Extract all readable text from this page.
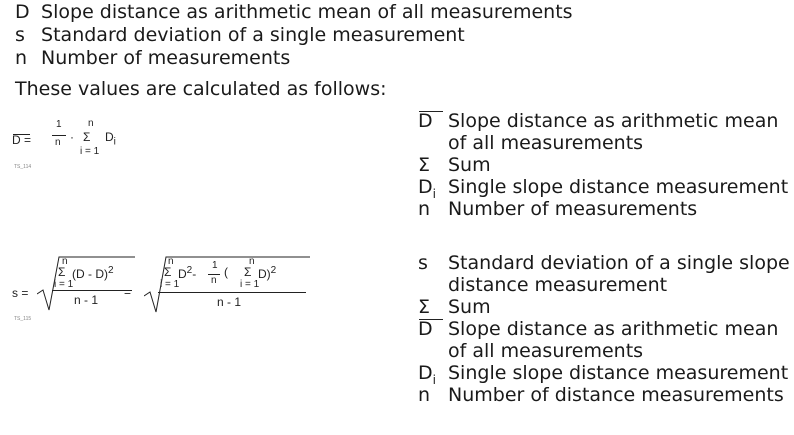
D Slope distance as arithmetic mean of all measurements
s Standard deviation of a single measurement
n Number of measurements
These values are calculated as follows:
D =
1
n ·
n
Σ
i = 1
$D_i$
TS_114
D Slope distance as arithmetic mean of all measurements
Σ Sum
$D_i$ Single slope distance measurement
n Number of measurements
s =
n
Σ
i = 1
(D - D)$^2$
n - 1
=
n
Σ
i = 1
$D^2-$
1
n
(
n
Σ
i = 1
D)$^2$
n - 1
TS_115
s	Standard deviation of a single slope distance measurement
Σ Sum
D Slope distance as arithmetic mean of all measurements
$D_i$ Single slope distance measurement
n Number of distance measurements
